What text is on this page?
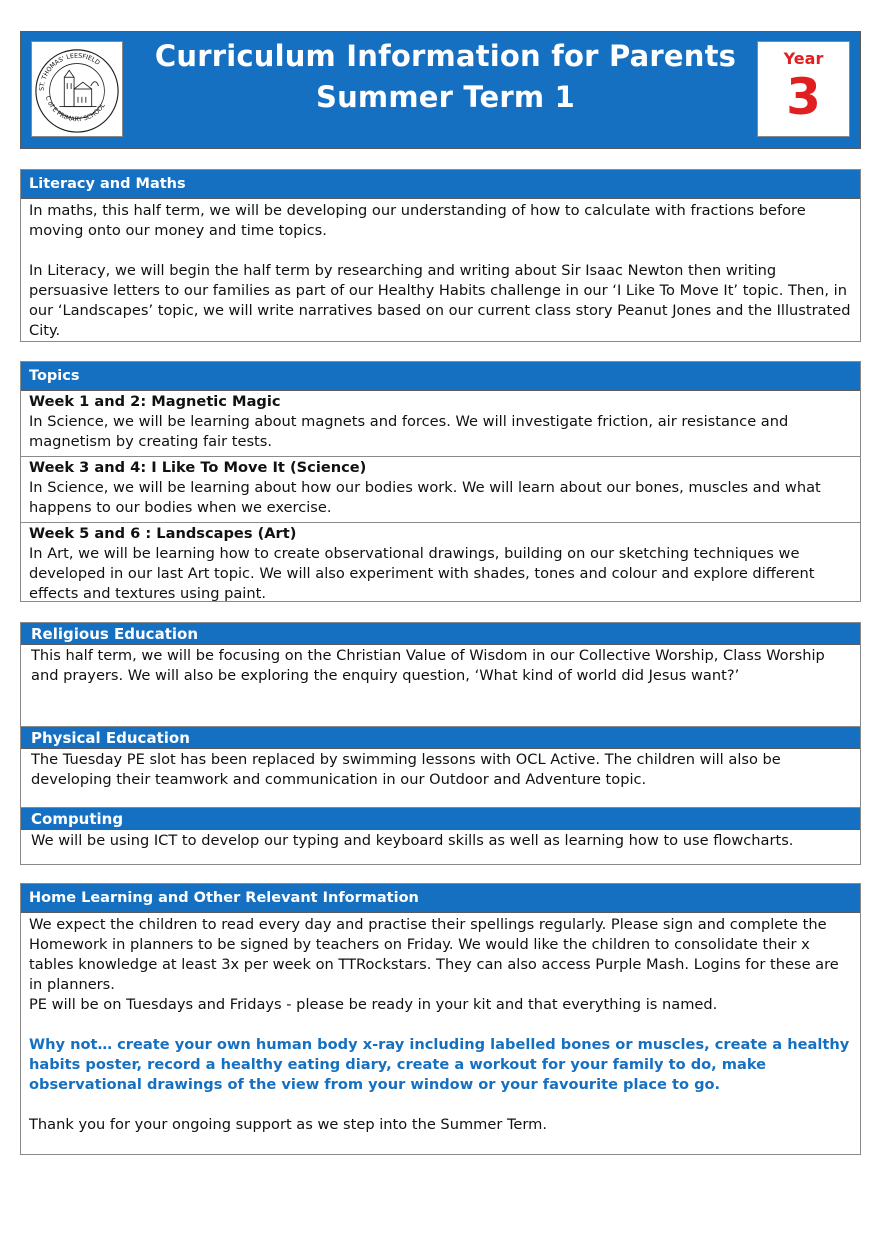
ST. THOMAS' LEESFIELD
C of E PRIMARY SCHOOL
Curriculum Information for Parents
Summer Term 1
Year
3
Literacy and Maths

In maths, this half term, we will be developing our understanding of how to calculate with fractions before moving onto our money and time topics.

In Literacy, we will begin the half term by researching and writing about Sir Isaac Newton then writing persuasive letters to our families as part of our Healthy Habits challenge in our ‘I Like To Move It’ topic. Then, in our ‘Landscapes’ topic, we will write narratives based on our current class story Peanut Jones and the Illustrated City.

Topics
Week 1 and 2: Magnetic Magic
In Science, we will be learning about magnets and forces. We will investigate friction, air resistance and magnetism by creating fair tests.
Week 3 and 4: I Like To Move It (Science)
In Science, we will be learning about how our bodies work. We will learn about our bones, muscles and what happens to our bodies when we exercise.
Week 5 and 6 : Landscapes (Art)
In Art, we will be learning how to create observational drawings, building on our sketching techniques we developed in our last Art topic. We will also experiment with shades, tones and colour and explore different effects and textures using paint.
Religious Education
This half term, we will be focusing on the Christian Value of Wisdom in our Collective Worship, Class Worship and prayers. We will also be exploring the enquiry question, ‘What kind of world did Jesus want?’
Physical Education
The Tuesday PE slot has been replaced by swimming lessons with OCL Active. The children will also be developing their teamwork and communication in our Outdoor and Adventure topic.
Computing
We will be using ICT to develop our typing and keyboard skills as well as learning how to use flowcharts.
Home Learning and Other Relevant Information

We expect the children to read every day and practise their spellings regularly. Please sign and complete the Homework in planners to be signed by teachers on Friday. We would like the children to consolidate their x tables knowledge at least 3x per week on TTRockstars. They can also access Purple Mash. Logins for these are in planners.

PE will be on Tuesdays and Fridays - please be ready in your kit and that everything is named.

Why not… create your own human body x-ray including labelled bones or muscles, create a healthy habits poster, record a healthy eating diary, create a workout for your family to do, make observational drawings of the view from your window or your favourite place to go.

Thank you for your ongoing support as we step into the Summer Term.
